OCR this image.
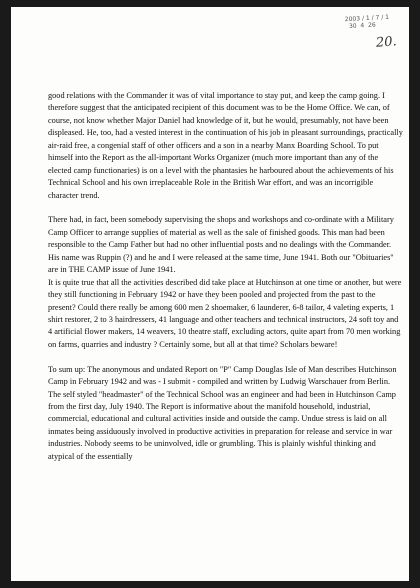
2003 / 1 / 7 / 1
30  4  26
20.

good relations with the Commander it was of vital importance to stay put, and keep the camp going. I therefore suggest that the anticipated recipient of this document was to be the Home Office. We can, of course, not know whether Major Daniel had knowledge of it, but he would, presumably, not have been displeased. He, too, had a vested interest in the continuation of his job in pleasant surroundings, practically air-raid free, a congenial staff of other officers and a son in a nearby Manx Boarding School. To put himself into the Report as the all-important Works Organizer (much more important than any of the elected camp functionaries) is on a level with the phantasies he harboured about the achievements of his Technical School and his own irreplaceable Role in the British War effort, and was an incorrigible character trend.

There had, in fact, been somebody supervising the shops and workshops and co-ordinate with a Military Camp Officer to arrange supplies of material as well as the sale of finished goods. This man had been responsible to the Camp Father but had no other influential posts and no dealings with the Commander. His name was Ruppin (?) and he and I were released at the same time, June 1941. Both our "Obituaries" are in THE CAMP issue of June 1941.
It is quite true that all the activities described did take place at Hutchinson at one time or another, but were they still functioning in February 1942 or have they been pooled and projected from the past to the present? Could there really be among 600 men 2 shoemaker, 6 launderer, 6-8 tailor, 4 valeting experts, 1 shirt restorer, 2 to 3 hairdressers, 41 language and other teachers and technical instructors, 24 soft toy and 4 artificial flower makers, 14 weavers, 10 theatre staff, excluding actors, quite apart from 70 men working on farms, quarries and industry ? Certainly some, but all at that time? Scholars beware!

To sum up: The anonymous and undated Report on "P" Camp Douglas Isle of Man describes Hutchinson Camp in February 1942 and was - I submit - compiled and written by Ludwig Warschauer from Berlin. The self styled "headmaster" of the Technical School was an engineer and had been in Hutchinson Camp from the first day, July 1940. The Report is informative about the manifold household, industrial, commercial, educational and cultural activities inside and outside the camp. Undue stress is laid on all inmates being assiduously involved in productive activities in preparation for release and service in war industries. Nobody seems to be uninvolved, idle or grumbling. This is plainly wishful thinking and atypical of the essentially
